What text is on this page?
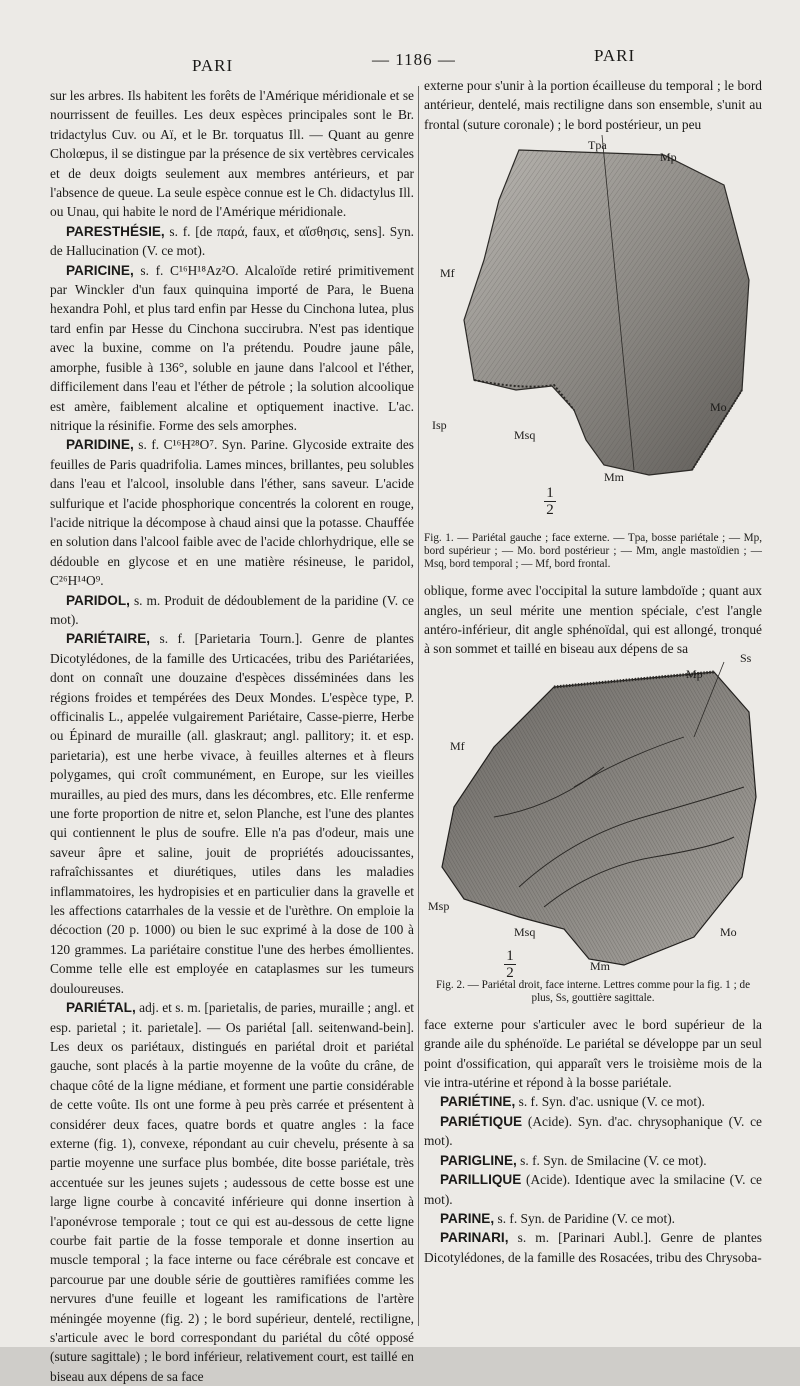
PARI	— 1186 —	PARI

sur les arbres. Ils habitent les forêts de l'Amérique méridionale et se nourrissent de feuilles. Les deux espèces principales sont le Br. tridactylus Cuv. ou Aï, et le Br. torquatus Ill. — Quant au genre Cholœpus, il se distingue par la présence de six vertèbres cervicales et de deux doigts seulement aux membres antérieurs, et par l'absence de queue. La seule espèce connue est le Ch. didactylus Ill. ou Unau, qui habite le nord de l'Amérique méridionale.

PARESTHÉSIE, s. f. [de παρά, faux, et αἴσθησις, sens]. Syn. de Hallucination (V. ce mot).

PARICINE, s. f. C¹⁶H¹⁸Az²O. Alcaloïde retiré primitivement par Winckler d'un faux quinquina importé de Para, le Buena hexandra Pohl, et plus tard enfin par Hesse du Cinchona lutea, plus tard enfin par Hesse du Cinchona succirubra. N'est pas identique avec la buxine, comme on l'a prétendu. Poudre jaune pâle, amorphe, fusible à 136°, soluble en jaune dans l'alcool et l'éther, difficilement dans l'eau et l'éther de pétrole ; la solution alcoolique est amère, faiblement alcaline et optiquement inactive. L'ac. nitrique la résinifie. Forme des sels amorphes.

PARIDINE, s. f. C¹⁶H²⁸O⁷. Syn. Parine. Glycoside extraite des feuilles de Paris quadrifolia. Lames minces, brillantes, peu solubles dans l'eau et l'alcool, insoluble dans l'éther, sans saveur. L'acide sulfurique et l'acide phosphorique concentrés la colorent en rouge, l'acide nitrique la décompose à chaud ainsi que la potasse. Chauffée en solution dans l'alcool faible avec de l'acide chlorhydrique, elle se dédouble en glycose et en une matière résineuse, le paridol, C²⁶H¹⁴O⁹.

PARIDOL, s. m. Produit de dédoublement de la paridine (V. ce mot).

PARIÉTAIRE, s. f. [Parietaria Tourn.]. Genre de plantes Dicotylédones, de la famille des Urticacées, tribu des Pariétariées, dont on connaît une douzaine d'espèces disséminées dans les régions froides et tempérées des Deux Mondes. L'espèce type, P. officinalis L., appelée vulgairement Pariétaire, Casse-pierre, Herbe ou Épinard de muraille (all. glaskraut; angl. pallitory; it. et esp. parietaria), est une herbe vivace, à feuilles alternes et à fleurs polygames, qui croît communément, en Europe, sur les vieilles murailles, au pied des murs, dans les décombres, etc. Elle renferme une forte proportion de nitre et, selon Planche, est l'une des plantes qui contiennent le plus de soufre. Elle n'a pas d'odeur, mais une saveur âpre et saline, jouit de propriétés adoucissantes, rafraîchissantes et diurétiques, utiles dans les maladies inflammatoires, les hydropisies et en particulier dans la gravelle et les affections catarrhales de la vessie et de l'urèthre. On emploie la décoction (20 p. 1000) ou bien le suc exprimé à la dose de 100 à 120 grammes. La pariétaire constitue l'une des herbes émollientes. Comme telle elle est employée en cataplasmes sur les tumeurs douloureuses.

PARIÉTAL, adj. et s. m. [parietalis, de paries, muraille ; angl. et esp. parietal ; it. parietale]. — Os pariétal [all. seitenwand-bein]. Les deux os pariétaux, distingués en pariétal droit et pariétal gauche, sont placés à la partie moyenne de la voûte du crâne, de chaque côté de la ligne médiane, et forment une partie considérable de cette voûte. Ils ont une forme à peu près carrée et présentent à considérer deux faces, quatre bords et quatre angles : la face externe (fig. 1), convexe, répondant au cuir chevelu, présente à sa partie moyenne une surface plus bombée, dite bosse pariétale, très accentuée sur les jeunes sujets ; audessous de cette bosse est une large ligne courbe à concavité inférieure qui donne insertion à l'aponévrose temporale ; tout ce qui est au-dessous de cette ligne courbe fait partie de la fosse temporale et donne insertion au muscle temporal ; la face interne ou face cérébrale est concave et parcourue par une double série de gouttières ramifiées comme les nervures d'une feuille et logeant les ramifications de l'artère méningée moyenne (fig. 2) ; le bord supérieur, dentelé, rectiligne, s'articule avec le bord correspondant du pariétal du côté opposé (suture sagittale) ; le bord inférieur, relativement court, est taillé en biseau aux dépens de sa face

externe pour s'unir à la portion écailleuse du temporal ; le bord antérieur, dentelé, mais rectiligne dans son ensemble, s'unit au frontal (suture coronale) ; le bord postérieur, un peu

Tpa
Mp
Mf
Mo
Isp
Msq
Mm
1
2

Fig. 1. — Pariétal gauche ; face externe. — Tpa, bosse pariétale ; — Mp, bord supérieur ; — Mo. bord postérieur ; — Mm, angle mastoïdien ; — Msq, bord temporal ; — Mf, bord frontal.

oblique, forme avec l'occipital la suture lambdoïde ; quant aux angles, un seul mérite une mention spéciale, c'est l'angle antéro-inférieur, dit angle sphénoïdal, qui est allongé, tronqué à son sommet et taillé en biseau aux dépens de sa

Ss
Mp
Mf
Msp
Msq	Mo
Mm
1
2

Fig. 2. — Pariétal droit, face interne. Lettres comme pour la fig. 1 ; de plus, Ss, gouttière sagittale.

face externe pour s'articuler avec le bord supérieur de la grande aile du sphénoïde. Le pariétal se développe par un seul point d'ossification, qui apparaît vers le troisième mois de la vie intra-utérine et répond à la bosse pariétale.

PARIÉTINE, s. f. Syn. d'ac. usnique (V. ce mot).

PARIÉTIQUE (Acide). Syn. d'ac. chrysophanique (V. ce mot).

PARIGLINE, s. f. Syn. de Smilacine (V. ce mot).

PARILLIQUE (Acide). Identique avec la smilacine (V. ce mot).

PARINE, s. f. Syn. de Paridine (V. ce mot).

PARINARI, s. m. [Parinari Aubl.]. Genre de plantes Dicotylédones, de la famille des Rosacées, tribu des Chrysoba-
